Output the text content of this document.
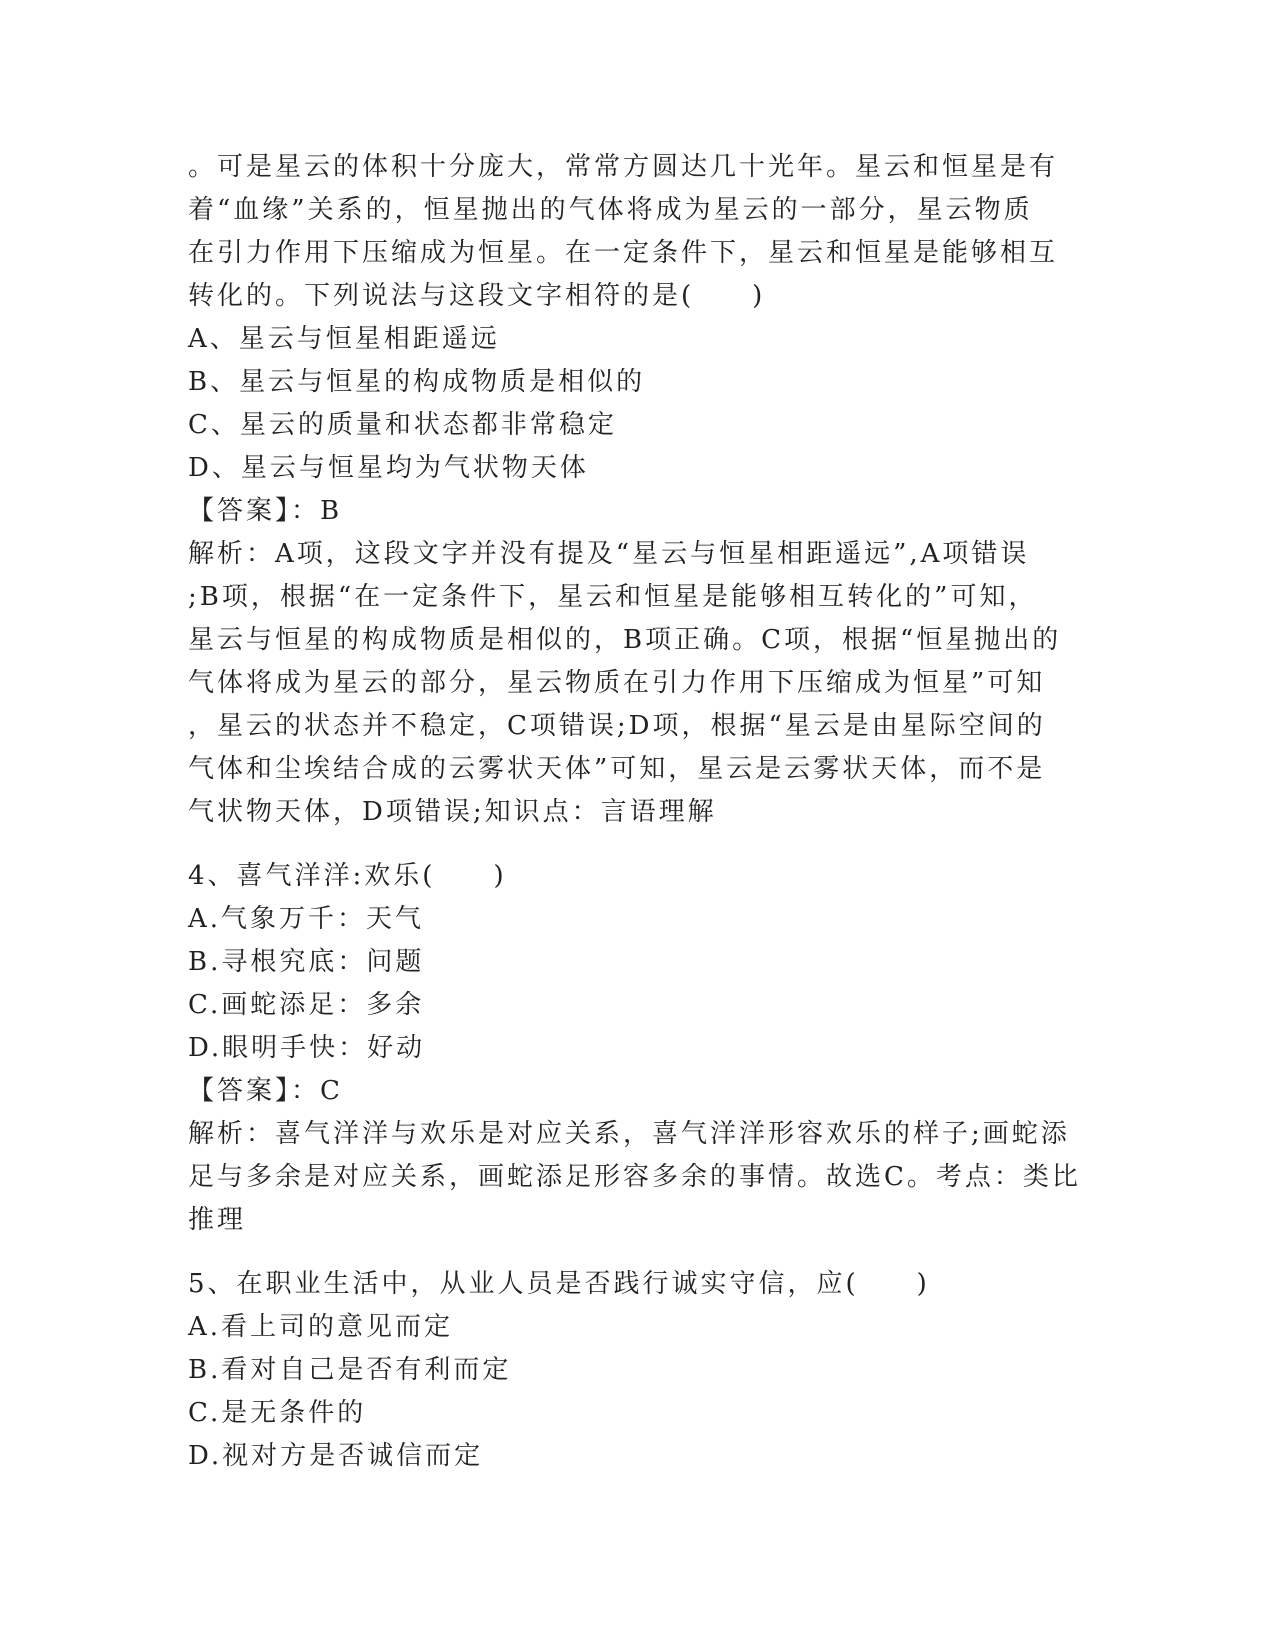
。可是星云的体积十分庞大，常常方圆达几十光年。星云和恒星是有
着“血缘”关系的，恒星抛出的气体将成为星云的一部分，星云物质
在引力作用下压缩成为恒星。在一定条件下，星云和恒星是能够相互
转化的。下列说法与这段文字相符的是(　　)
A、星云与恒星相距遥远
B、星云与恒星的构成物质是相似的
C、星云的质量和状态都非常稳定
D、星云与恒星均为气状物天体
【答案】：B
解析：A项，这段文字并没有提及“星云与恒星相距遥远”,A项错误
;B项，根据“在一定条件下，星云和恒星是能够相互转化的”可知，
星云与恒星的构成物质是相似的，B项正确。C项，根据“恒星抛出的
气体将成为星云的部分，星云物质在引力作用下压缩成为恒星”可知
，星云的状态并不稳定，C项错误;D项，根据“星云是由星际空间的
气体和尘埃结合成的云雾状天体”可知，星云是云雾状天体，而不是
气状物天体，D项错误;知识点：言语理解
4、喜气洋洋:欢乐(　　)
A.气象万千：天气
B.寻根究底：问题
C.画蛇添足：多余
D.眼明手快：好动
【答案】：C
解析：喜气洋洋与欢乐是对应关系，喜气洋洋形容欢乐的样子;画蛇添
足与多余是对应关系，画蛇添足形容多余的事情。故选C。考点：类比
推理
5、在职业生活中，从业人员是否践行诚实守信，应(　　)
A.看上司的意见而定
B.看对自己是否有利而定
C.是无条件的
D.视对方是否诚信而定
